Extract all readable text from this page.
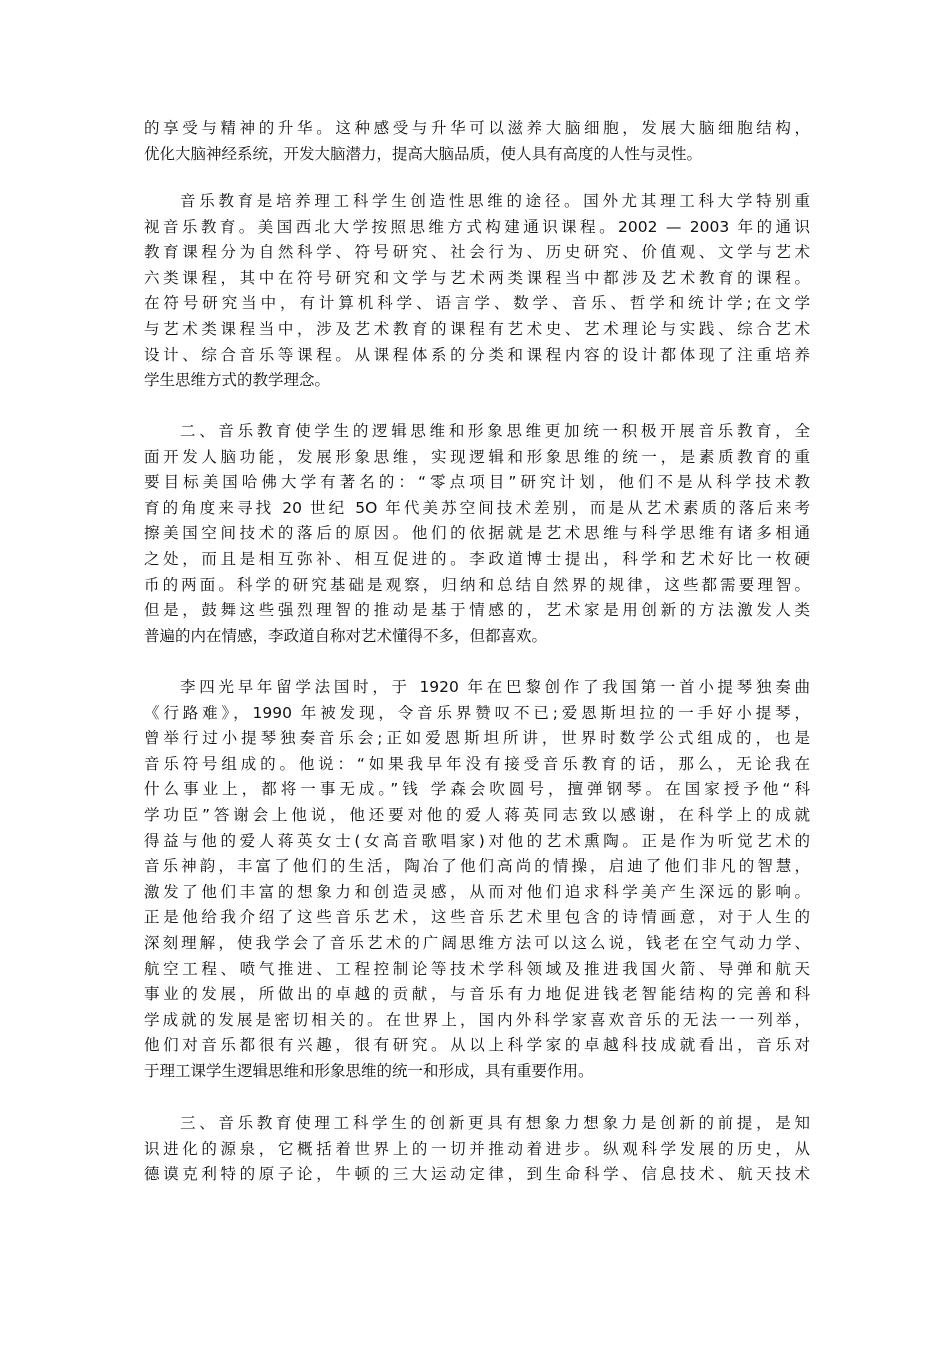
的享受与精神的升华。这种感受与升华可以滋养大脑细胞，发展大脑细胞结构，
优化大脑神经系统，开发大脑潜力，提高大脑品质，使人具有高度的人性与灵性。
音乐教育是培养理工科学生创造性思维的途径。国外尤其理工科大学特别重
视音乐教育。美国西北大学按照思维方式构建通识课程。2002 — 2003 年的通识
教育课程分为自然科学、符号研究、社会行为、历史研究、价值观、文学与艺术
六类课程，其中在符号研究和文学与艺术两类课程当中都涉及艺术教育的课程。
在符号研究当中，有计算机科学、语言学、数学、音乐、哲学和统计学;在文学
与艺术类课程当中，涉及艺术教育的课程有艺术史、艺术理论与实践、综合艺术
设计、综合音乐等课程。从课程体系的分类和课程内容的设计都体现了注重培养
学生思维方式的教学理念。
二、音乐教育使学生的逻辑思维和形象思维更加统一积极开展音乐教育，全
面开发人脑功能，发展形象思维，实现逻辑和形象思维的统一，是素质教育的重
要目标美国哈佛大学有著名的：“零点项目”研究计划，他们不是从科学技术教
育的角度来寻找 20 世纪 5O 年代美苏空间技术差别，而是从艺术素质的落后来考
擦美国空间技术的落后的原因。他们的依据就是艺术思维与科学思维有诸多相通
之处，而且是相互弥补、相互促进的。李政道博士提出，科学和艺术好比一枚硬
币的两面。科学的研究基础是观察，归纳和总结自然界的规律，这些都需要理智。
但是，鼓舞这些强烈理智的推动是基于情感的，艺术家是用创新的方法激发人类
普遍的内在情感，李政道自称对艺术懂得不多，但都喜欢。
李四光早年留学法国时，于 1920 年在巴黎创作了我国第一首小提琴独奏曲
《行路难》，1990 年被发现，令音乐界赞叹不已;爱恩斯坦拉的一手好小提琴，
曾举行过小提琴独奏音乐会;正如爱恩斯坦所讲，世界时数学公式组成的，也是
音乐符号组成的。他说：“如果我早年没有接受音乐教育的话，那么，无论我在
什么事业上，都将一事无成。”钱 学森会吹圆号，擅弹钢琴。在国家授予他“科
学功臣”答谢会上他说，他还要对他的爱人蒋英同志致以感谢，在科学上的成就
得益与他的爱人蒋英女士(女高音歌唱家)对他的艺术熏陶。正是作为听觉艺术的
音乐神韵，丰富了他们的生活，陶冶了他们高尚的情操，启迪了他们非凡的智慧，
激发了他们丰富的想象力和创造灵感，从而对他们追求科学美产生深远的影响。
正是他给我介绍了这些音乐艺术，这些音乐艺术里包含的诗情画意，对于人生的
深刻理解，使我学会了音乐艺术的广阔思维方法可以这么说，钱老在空气动力学、
航空工程、喷气推进、工程控制论等技术学科领域及推进我国火箭、导弹和航天
事业的发展，所做出的卓越的贡献，与音乐有力地促进钱老智能结构的完善和科
学成就的发展是密切相关的。在世界上，国内外科学家喜欢音乐的无法一一列举，
他们对音乐都很有兴趣，很有研究。从以上科学家的卓越科技成就看出，音乐对
于理工课学生逻辑思维和形象思维的统一和形成，具有重要作用。
三、音乐教育使理工科学生的创新更具有想象力想象力是创新的前提，是知
识进化的源泉，它概括着世界上的一切并推动着进步。纵观科学发展的历史，从
德谟克利特的原子论，牛顿的三大运动定律，到生命科学、信息技术、航天技术
